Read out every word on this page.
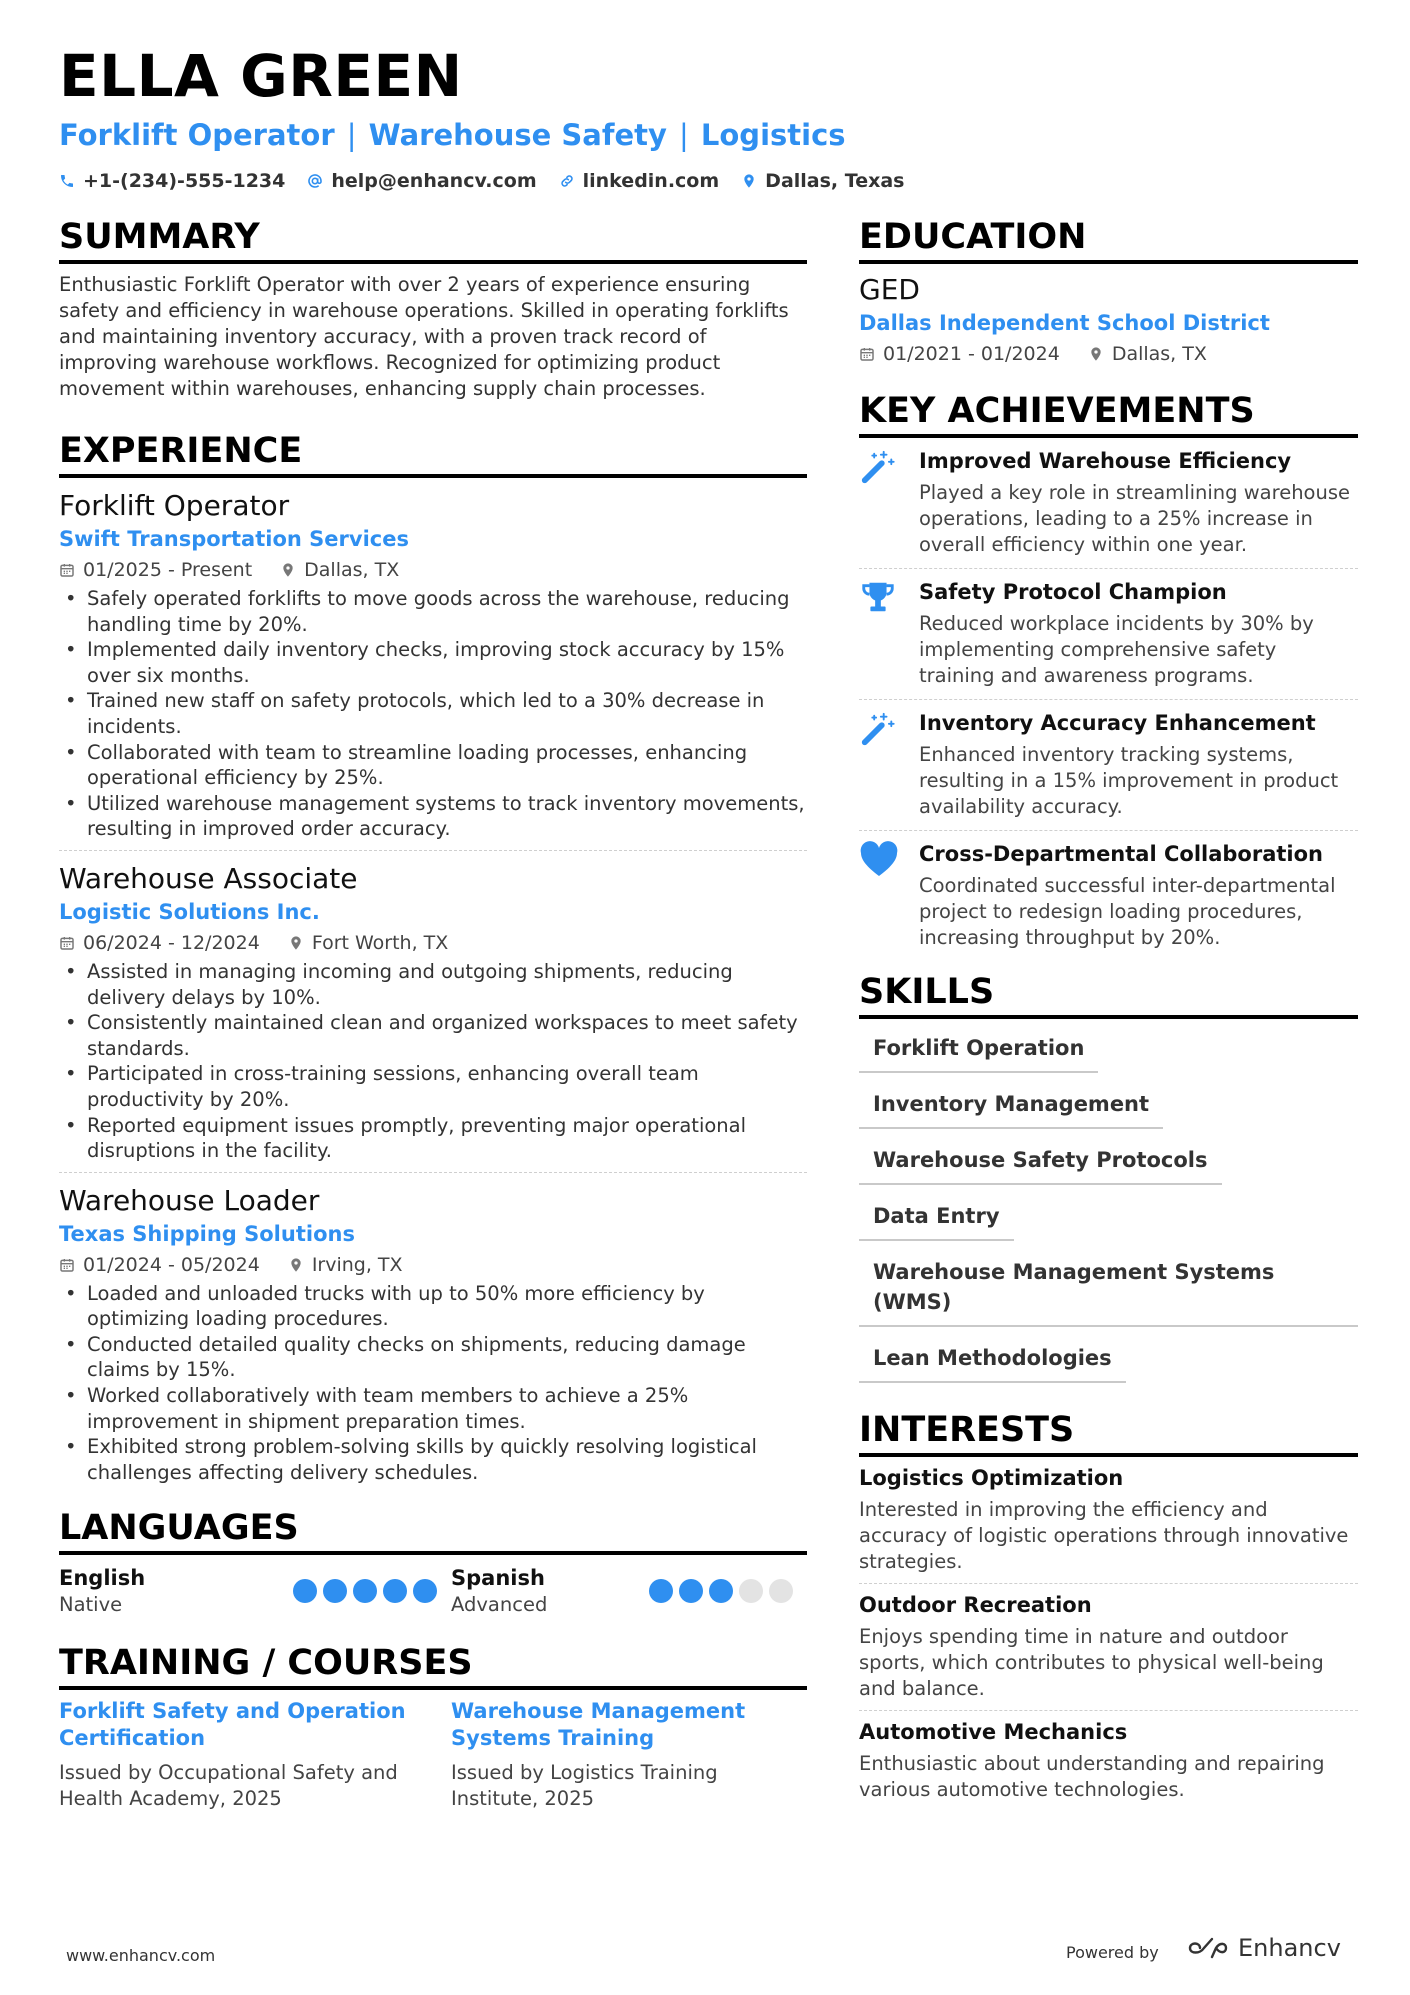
ELLA GREEN
Forklift Operator | Warehouse Safety | Logistics
+1-(234)-555-1234 help@enhancv.com linkedin.com Dallas, Texas
SUMMARY
Enthusiastic Forklift Operator with over 2 years of experience ensuring safety and efficiency in warehouse operations. Skilled in operating forklifts and maintaining inventory accuracy, with a proven track record of improving warehouse workflows. Recognized for optimizing product movement within warehouses, enhancing supply chain processes.
EXPERIENCE
Forklift Operator
Swift Transportation Services
01/2025 - Present	Dallas, TX
• Safely operated forklifts to move goods across the warehouse, reducing handling time by 20%.
• Implemented daily inventory checks, improving stock accuracy by 15% over six months.
• Trained new staff on safety protocols, which led to a 30% decrease in incidents.
• Collaborated with team to streamline loading processes, enhancing operational efficiency by 25%.
• Utilized warehouse management systems to track inventory movements, resulting in improved order accuracy.
Warehouse Associate
Logistic Solutions Inc.
06/2024 - 12/2024	Fort Worth, TX
• Assisted in managing incoming and outgoing shipments, reducing delivery delays by 10%.
• Consistently maintained clean and organized workspaces to meet safety standards.
• Participated in cross-training sessions, enhancing overall team productivity by 20%.
• Reported equipment issues promptly, preventing major operational disruptions in the facility.
Warehouse Loader
Texas Shipping Solutions
01/2024 - 05/2024	Irving, TX
• Loaded and unloaded trucks with up to 50% more efficiency by optimizing loading procedures.
• Conducted detailed quality checks on shipments, reducing damage claims by 15%.
• Worked collaboratively with team members to achieve a 25% improvement in shipment preparation times.
• Exhibited strong problem-solving skills by quickly resolving logistical challenges affecting delivery schedules.
LANGUAGES
English
Native
Spanish
Advanced
TRAINING / COURSES
Forklift Safety and Operation Certification
Issued by Occupational Safety and Health Academy, 2025
Warehouse Management Systems Training
Issued by Logistics Training Institute, 2025
EDUCATION
GED
Dallas Independent School District
01/2021 - 01/2024	Dallas, TX
KEY ACHIEVEMENTS
Improved Warehouse Efficiency
Played a key role in streamlining warehouse operations, leading to a 25% increase in overall efficiency within one year.
Safety Protocol Champion
Reduced workplace incidents by 30% by implementing comprehensive safety training and awareness programs.
Inventory Accuracy Enhancement
Enhanced inventory tracking systems, resulting in a 15% improvement in product availability accuracy.
Cross-Departmental Collaboration
Coordinated successful inter-departmental project to redesign loading procedures, increasing throughput by 20%.
SKILLS
Forklift Operation
Inventory Management
Warehouse Safety Protocols
Data Entry
Warehouse Management Systems (WMS)
Lean Methodologies
INTERESTS
Logistics Optimization
Interested in improving the efficiency and accuracy of logistic operations through innovative strategies.
Outdoor Recreation
Enjoys spending time in nature and outdoor sports, which contributes to physical well-being and balance.
Automotive Mechanics
Enthusiastic about understanding and repairing various automotive technologies.
www.enhancv.com	Powered by	Enhancv
